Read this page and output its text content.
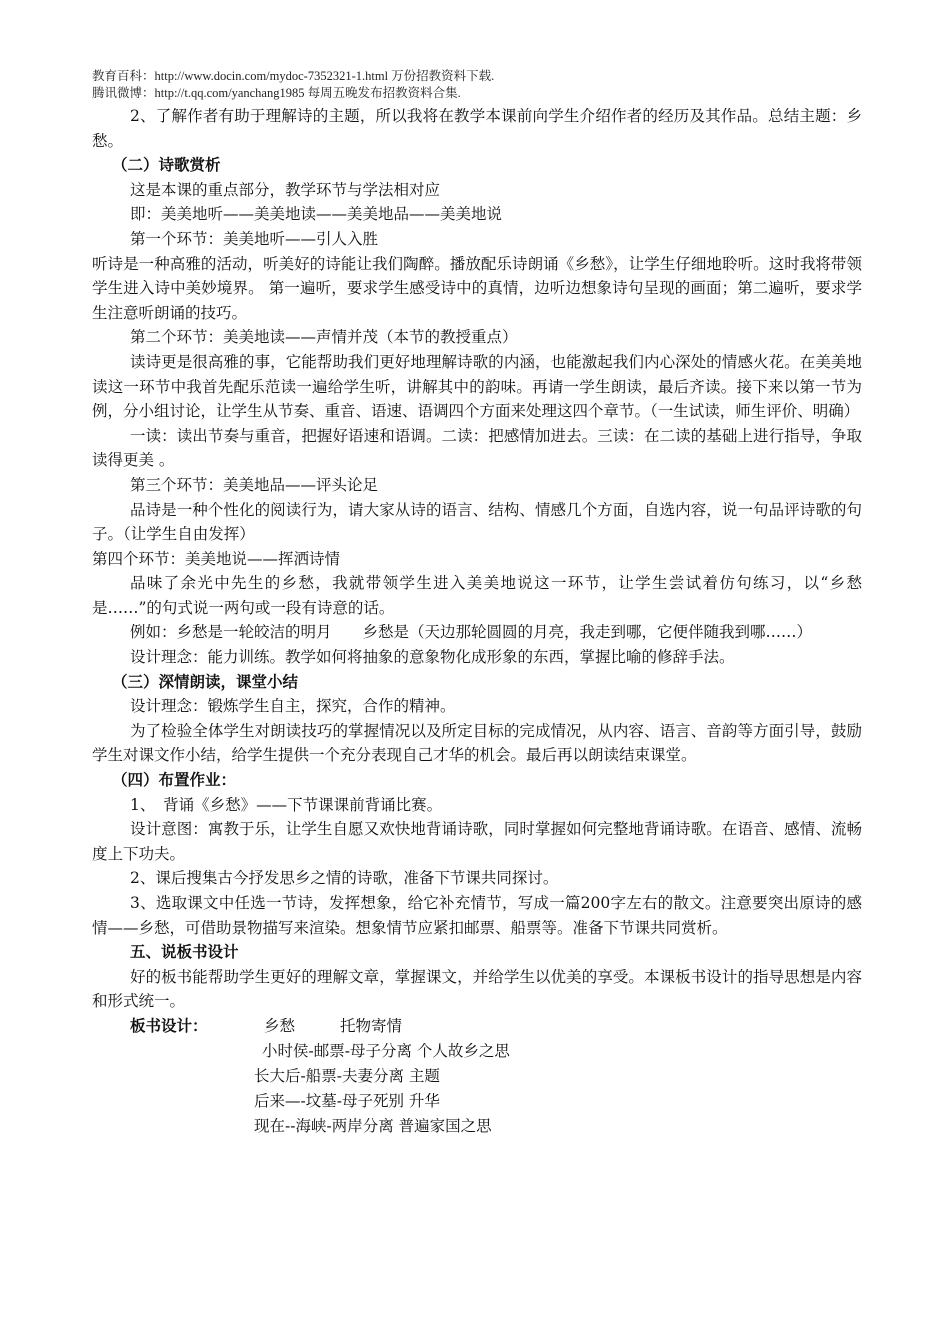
教育百科：http://www.docin.com/mydoc-7352321-1.html 万份招教资料下载.
腾讯微博：http://t.qq.com/yanchang1985 每周五晚发布招教资料合集.

2、了解作者有助于理解诗的主题，所以我将在教学本课前向学生介绍作者的经历及其作品。总结主题：乡愁。

（二）诗歌赏析

这是本课的重点部分，教学环节与学法相对应

即：美美地听——美美地读——美美地品——美美地说

第一个环节：美美地听——引人入胜

听诗是一种高雅的活动，听美好的诗能让我们陶醉。播放配乐诗朗诵《乡愁》，让学生仔细地聆听。这时我将带领学生进入诗中美妙境界。 第一遍听，要求学生感受诗中的真情，边听边想象诗句呈现的画面；第二遍听，要求学生注意听朗诵的技巧。

第二个环节：美美地读——声情并茂（本节的教授重点）

读诗更是很高雅的事，它能帮助我们更好地理解诗歌的内涵，也能激起我们内心深处的情感火花。在美美地读这一环节中我首先配乐范读一遍给学生听，讲解其中的韵味。再请一学生朗读，最后齐读。接下来以第一节为例，分小组讨论，让学生从节奏、重音、语速、语调四个方面来处理这四个章节。（一生试读，师生评价、明确）

一读：读出节奏与重音，把握好语速和语调。二读：把感情加进去。三读：在二读的基础上进行指导，争取读得更美 。

第三个环节：美美地品——评头论足

品诗是一种个性化的阅读行为，请大家从诗的语言、结构、情感几个方面，自选内容，说一句品评诗歌的句子。（让学生自由发挥）

第四个环节：美美地说——挥洒诗情

品味了余光中先生的乡愁，我就带领学生进入美美地说这一环节，让学生尝试着仿句练习，以“乡愁是……”的句式说一两句或一段有诗意的话。

例如：乡愁是一轮皎洁的明月　　乡愁是（天边那轮圆圆的月亮，我走到哪，它便伴随我到哪……）

设计理念：能力训练。教学如何将抽象的意象物化成形象的东西，掌握比喻的修辞手法。

（三）深情朗读，课堂小结

设计理念：锻炼学生自主，探究，合作的精神。

为了检验全体学生对朗读技巧的掌握情况以及所定目标的完成情况，从内容、语言、音韵等方面引导，鼓励学生对课文作小结，给学生提供一个充分表现自己才华的机会。最后再以朗读结束课堂。

（四）布置作业：

1、　背诵《乡愁》——下节课课前背诵比赛。

设计意图：寓教于乐，让学生自愿又欢快地背诵诗歌，同时掌握如何完整地背诵诗歌。在语音、感情、流畅度上下功夫。

2、课后搜集古今抒发思乡之情的诗歌，准备下节课共同探讨。

3、选取课文中任选一节诗，发挥想象，给它补充情节，写成一篇200字左右的散文。注意要突出原诗的感情——乡愁，可借助景物描写来渲染。想象情节应紧扣邮票、船票等。准备下节课共同赏析。

五、说板书设计

好的板书能帮助学生更好的理解文章，掌握课文，并给学生以优美的享受。本课板书设计的指导思想是内容和形式统一。

板书设计：	乡愁	托物寄情
小时侯-邮票-母子分离 个人故乡之思
长大后-船票-夫妻分离 主题
后来—-坟墓-母子死别 升华
现在--海峡-两岸分离 普遍家国之思
